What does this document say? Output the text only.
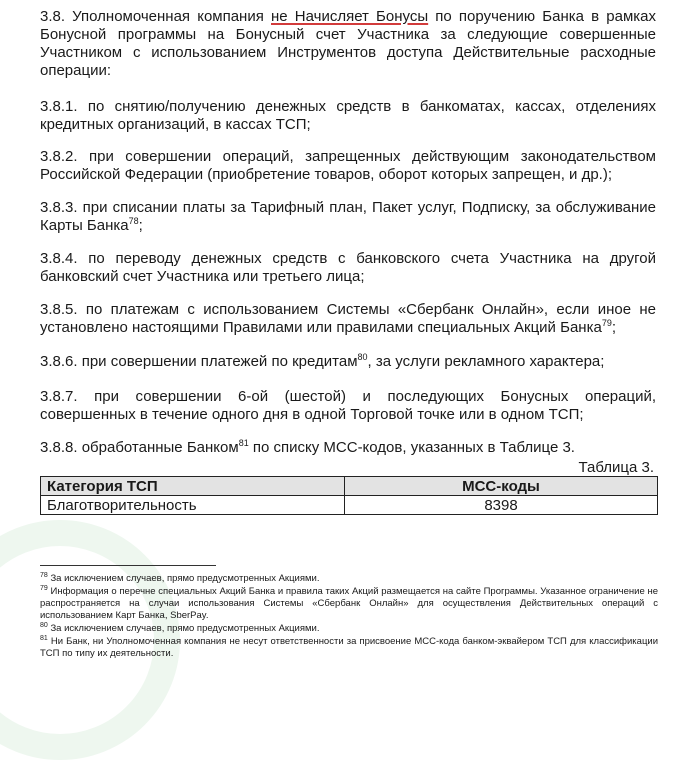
3.8. Уполномоченная компания не Начисляет Бонусы по поручению Банка в рамках Бонусной программы на Бонусный счет Участника за следующие совершенные Участником с использованием Инструментов доступа Действительные расходные операции:

3.8.1. по снятию/получению денежных средств в банкоматах, кассах, отделениях кредитных организаций, в кассах ТСП;

3.8.2. при совершении операций, запрещенных действующим законодательством Российской Федерации (приобретение товаров, оборот которых запрещен, и др.);

3.8.3. при списании платы за Тарифный план, Пакет услуг, Подписку, за обслуживание Карты Банка$^{78}$;

3.8.4. по переводу денежных средств с банковского счета Участника на другой банковский счет Участника или третьего лица;

3.8.5. по платежам с использованием Системы «Сбербанк Онлайн», если иное не установлено настоящими Правилами или правилами специальных Акций Банка$^{79}$;

3.8.6. при совершении платежей по кредитам$^{80}$, за услуги рекламного характера;

3.8.7. при совершении 6-ой (шестой) и последующих Бонусных операций, совершенных в течение одного дня в одной Торговой точке или в одном ТСП;

3.8.8. обработанные Банком$^{81}$ по списку МСС-кодов, указанных в Таблице 3.

Таблица 3.
Категория ТСП	МСС-коды
Благотворительность	8398

$^{78}$ За исключением случаев, прямо предусмотренных Акциями.

$^{79}$ Информация о перечне специальных Акций Банка и правила таких Акций размещается на сайте Программы. Указанное ограничение не распространяется на случаи использования Системы «Сбербанк Онлайн» для осуществления Действительных операций с использованием Карт Банка, SberPay.

$^{80}$ За исключением случаев, прямо предусмотренных Акциями.

$^{81}$ Ни Банк, ни Уполномоченная компания не несут ответственности за присвоение МСС-кода банком-эквайером ТСП для классификации ТСП по типу их деятельности.
